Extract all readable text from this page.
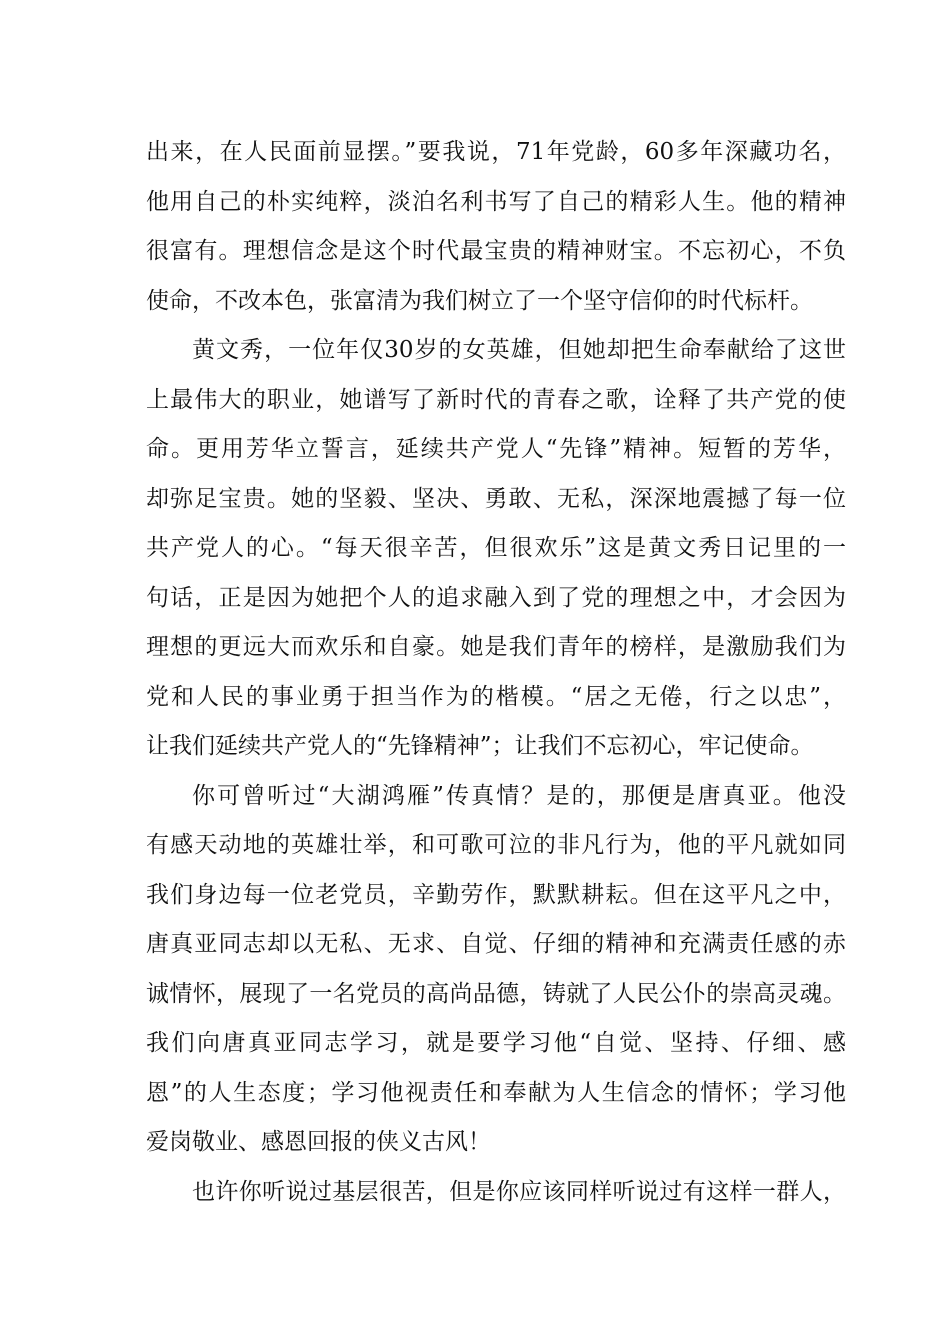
出来，在人民面前显摆。”要我说，71年党龄，60多年深藏功名，
他用自己的朴实纯粹，淡泊名利书写了自己的精彩人生。他的精神
很富有。理想信念是这个时代最宝贵的精神财宝。不忘初心，不负
使命，不改本色，张富清为我们树立了一个坚守信仰的时代标杆。
黄文秀，一位年仅30岁的女英雄，但她却把生命奉献给了这世
上最伟大的职业，她谱写了新时代的青春之歌，诠释了共产党的使
命。更用芳华立誓言，延续共产党人“先锋”精神。短暂的芳华，
却弥足宝贵。她的坚毅、坚决、勇敢、无私，深深地震撼了每一位
共产党人的心。“每天很辛苦，但很欢乐”这是黄文秀日记里的一
句话，正是因为她把个人的追求融入到了党的理想之中，才会因为
理想的更远大而欢乐和自豪。她是我们青年的榜样，是激励我们为
党和人民的事业勇于担当作为的楷模。“居之无倦，行之以忠”，
让我们延续共产党人的“先锋精神”；让我们不忘初心，牢记使命。
你可曾听过“大湖鸿雁”传真情？是的，那便是唐真亚。他没
有感天动地的英雄壮举，和可歌可泣的非凡行为，他的平凡就如同
我们身边每一位老党员，辛勤劳作，默默耕耘。但在这平凡之中，
唐真亚同志却以无私、无求、自觉、仔细的精神和充满责任感的赤
诚情怀，展现了一名党员的高尚品德，铸就了人民公仆的崇高灵魂。
我们向唐真亚同志学习，就是要学习他“自觉、坚持、仔细、感
恩”的人生态度；学习他视责任和奉献为人生信念的情怀；学习他
爱岗敬业、感恩回报的侠义古风！
也许你听说过基层很苦，但是你应该同样听说过有这样一群人，
